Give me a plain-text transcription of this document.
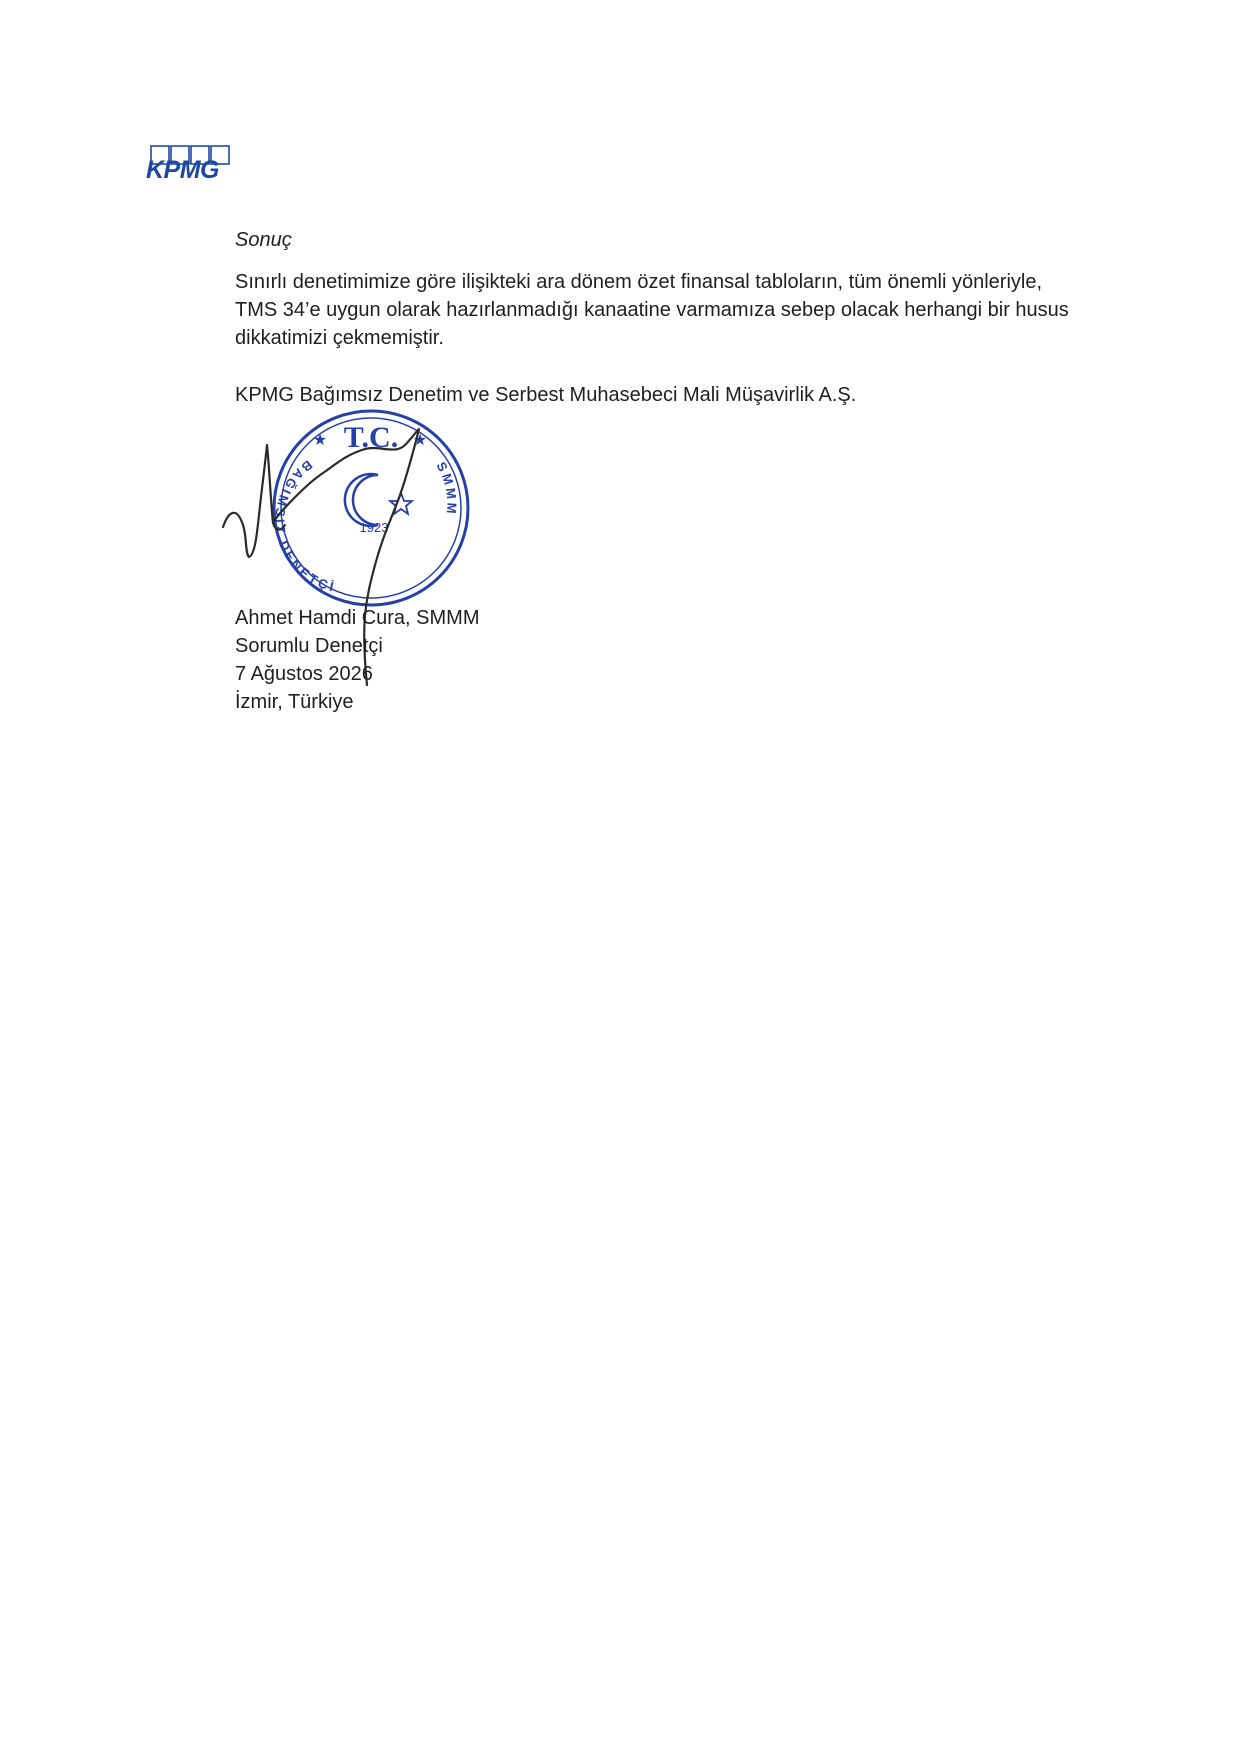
KPMG
Sonuç
Sınırlı denetimimize göre ilişikteki ara dönem özet finansal tabloların, tüm önemli yönleriyle,
TMS 34’e uygun olarak hazırlanmadığı kanaatine varmamıza sebep olacak herhangi bir husus
dikkatimizi çekmemiştir.
KPMG Bağımsız Denetim ve Serbest Muhasebeci Mali Müşavirlik A.Ş.
T.C.
★	★
BAĞIMSIZ DENETÇİ
SMMM
1923
Ahmet Hamdi Cura, SMMM
Sorumlu Denetçi
7 Ağustos 2026
İzmir, Türkiye
